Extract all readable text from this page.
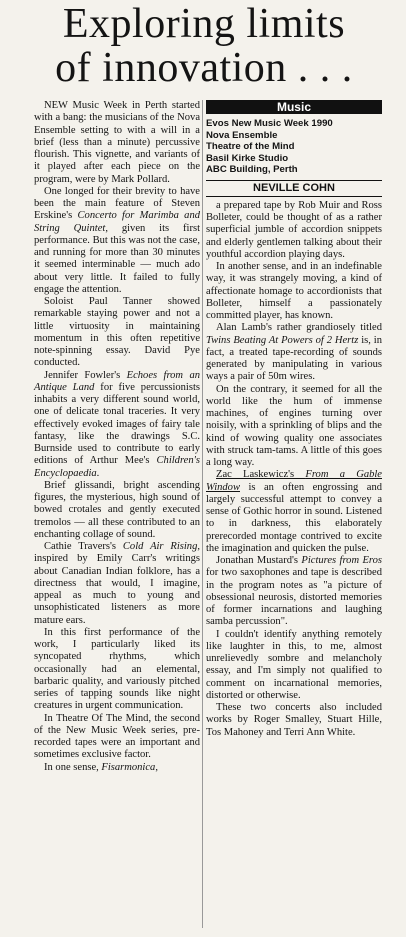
Exploring limits
of innovation . . .

NEW Music Week in Perth started with a bang: the musicians of the Nova Ensemble setting to with a will in a brief (less than a minute) percussive flourish. This vignette, and variants of it played after each piece on the program, were by Mark Pollard.

One longed for their brevity to have been the main feature of Steven Erskine's Concerto for Marimba and String Quintet, given its first performance. But this was not the case, and running for more than 30 minutes it seemed interminable — much ado about very little. It failed to fully engage the attention.

Soloist Paul Tanner showed remarkable staying power and not a little virtuosity in maintaining momentum in this often repetitive note-spinning essay. David Pye conducted.

Jennifer Fowler's Echoes from an Antique Land for five percussionists inhabits a very different sound world, one of delicate tonal traceries. It very effectively evoked images of fairy tale fantasy, like the drawings S.C. Burnside used to contribute to early editions of Arthur Mee's Children's Encyclopaedia.

Brief glissandi, bright ascending figures, the mysterious, high sound of bowed crotales and gently executed tremolos — all these contributed to an enchanting collage of sound.

Cathie Travers's Cold Air Rising, inspired by Emily Carr's writings about Canadian Indian folklore, has a directness that would, I imagine, appeal as much to young and unsophisticated listeners as more mature ears.

In this first performance of the work, I particularly liked its syncopated rhythms, which occasionally had an elemental, barbaric quality, and variously pitched series of tapping sounds like night creatures in urgent communication.

In Theatre Of The Mind, the second of the New Music Week series, pre-recorded tapes were an important and sometimes exclusive factor.

In one sense, Fisarmonica,

Music
Evos New Music Week 1990
Nova Ensemble
Theatre of the Mind
Basil Kirke Studio
ABC Building, Perth
NEVILLE COHN

a prepared tape by Rob Muir and Ross Bolleter, could be thought of as a rather superficial jumble of accordion snippets and elderly gentlemen talking about their youthful accordion playing days.

In another sense, and in an indefinable way, it was strangely moving, a kind of affectionate homage to accordionists that Bolleter, himself a passionately committed player, has known.

Alan Lamb's rather grandiosely titled Twins Beating At Powers of 2 Hertz is, in fact, a treated tape-recording of sounds generated by manipulating in various ways a pair of 50m wires.

On the contrary, it seemed for all the world like the hum of immense machines, of engines turning over noisily, with a sprinkling of blips and the kind of wowing quality one associates with struck tam-tams. A little of this goes a long way.

Zac Laskewicz's From a Gable Window is an often engrossing and largely successful attempt to convey a sense of Gothic horror in sound. Listened to in darkness, this elaborately prerecorded montage contrived to excite the imagination and quicken the pulse.

Jonathan Mustard's Pictures from Eros for two saxophones and tape is described in the program notes as "a picture of obsessional neurosis, distorted memories of former incarnations and laughing samba percussion".

I couldn't identify anything remotely like laughter in this, to me, almost unrelievedly sombre and melancholy essay, and I'm simply not qualified to comment on incarnational memories, distorted or otherwise.

These two concerts also included works by Roger Smalley, Stuart Hille, Tos Mahoney and Terri Ann White.
